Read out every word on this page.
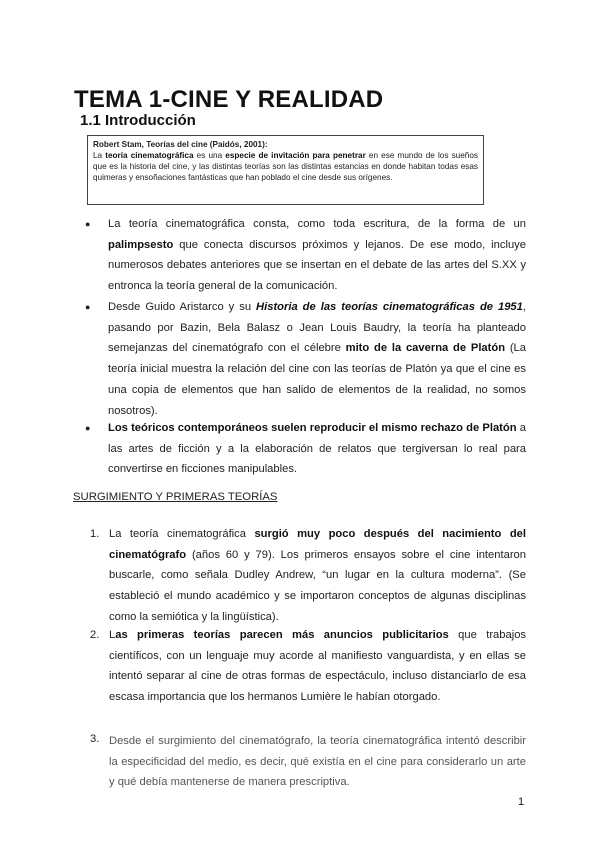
TEMA 1-CINE Y REALIDAD
1.1 Introducción
Robert Stam, Teorías del cine (Paidós, 2001):
La teoría cinematográfica es una especie de invitación para penetrar en ese mundo de los sueños que es la historia del cine, y las distintas teorías son las distintas estancias en donde habitan todas esas quimeras y ensoñaciones fantásticas que han poblado el cine desde sus orígenes.
● La teoría cinematográfica consta, como toda escritura, de la forma de un palimpsesto que conecta discursos próximos y lejanos. De ese modo, incluye numerosos debates anteriores que se insertan en el debate de las artes del S.XX y entronca la teoría general de la comunicación.
● Desde Guido Aristarco y su Historia de las teorías cinematográficas de 1951, pasando por Bazin, Bela Balasz o Jean Louis Baudry, la teoría ha planteado semejanzas del cinematógrafo con el célebre mito de la caverna de Platón (La teoría inicial muestra la relación del cine con las teorías de Platón ya que el cine es una copia de elementos que han salido de elementos de la realidad, no somos nosotros).
● Los teóricos contemporáneos suelen reproducir el mismo rechazo de Platón a las artes de ficción y a la elaboración de relatos que tergiversan lo real para convertirse en ficciones manipulables.
SURGIMIENTO Y PRIMERAS TEORÍAS
1. La teoría cinematográfica surgió muy poco después del nacimiento del cinematógrafo (años 60 y 79). Los primeros ensayos sobre el cine intentaron buscarle, como señala Dudley Andrew, “un lugar en la cultura moderna”. (Se estableció el mundo académico y se importaron conceptos de algunas disciplinas como la semiótica y la lingüística).
2. Las primeras teorías parecen más anuncios publicitarios que trabajos científicos, con un lenguaje muy acorde al manifiesto vanguardista, y en ellas se intentó separar al cine de otras formas de espectáculo, incluso distanciarlo de esa escasa importancia que los hermanos Lumière le habían otorgado.
3. Desde el surgimiento del cinematógrafo, la teoría cinematográfica intentó describir la especificidad del medio, es decir, qué existía en el cine para considerarlo un arte y qué debía mantenerse de manera prescriptiva.
1
